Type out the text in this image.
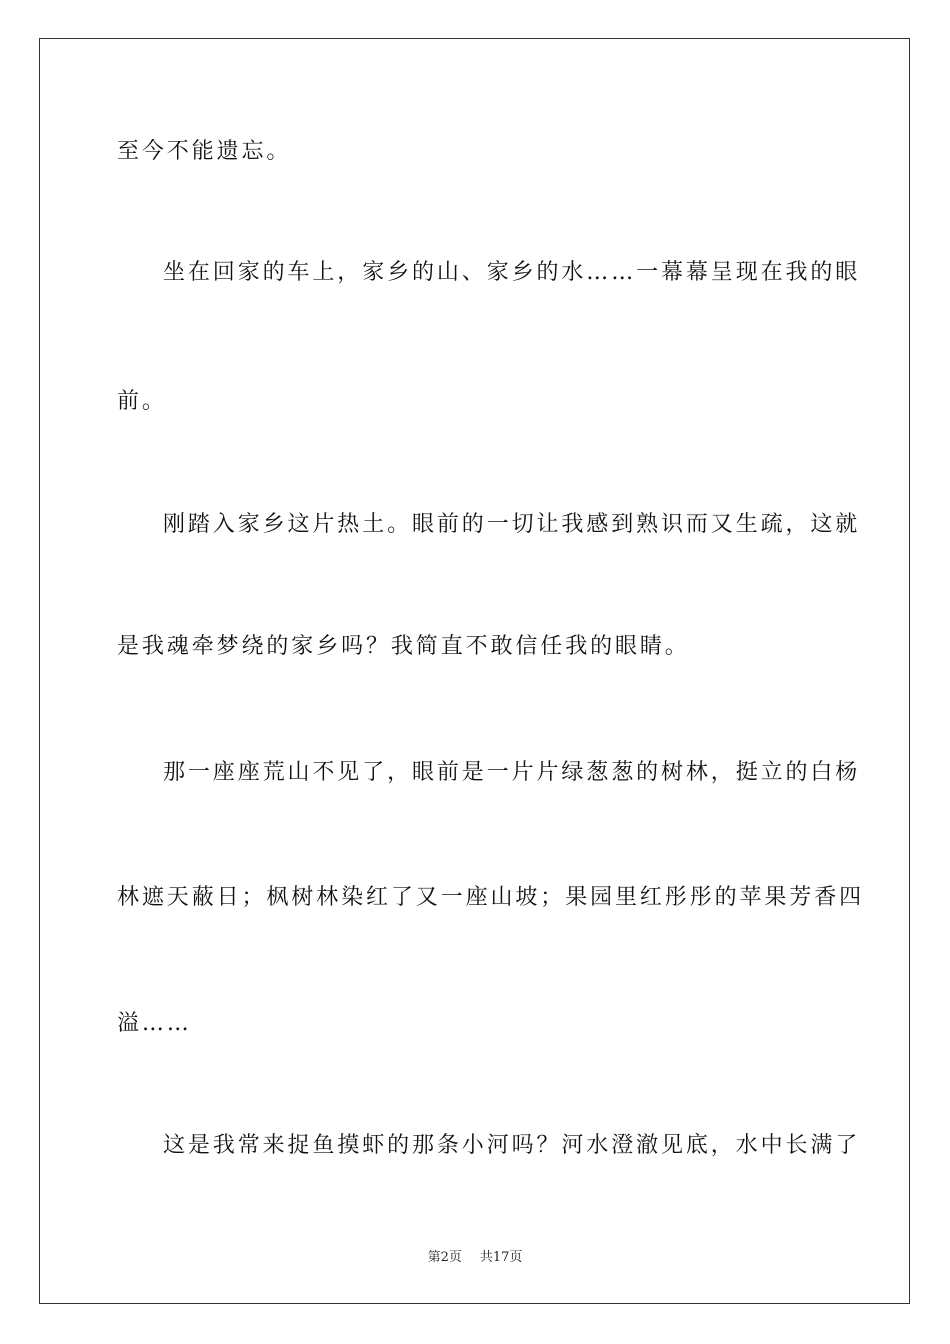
至今不能遗忘。
坐在回家的车上，家乡的山、家乡的水……一幕幕呈现在我的眼
前。
刚踏入家乡这片热土。眼前的一切让我感到熟识而又生疏，这就
是我魂牵梦绕的家乡吗？我简直不敢信任我的眼睛。
那一座座荒山不见了，眼前是一片片绿葱葱的树林，挺立的白杨
林遮天蔽日；枫树林染红了又一座山坡；果园里红彤彤的苹果芳香四
溢……
这是我常来捉鱼摸虾的那条小河吗？河水澄澈见底，水中长满了
第2页 共17页
